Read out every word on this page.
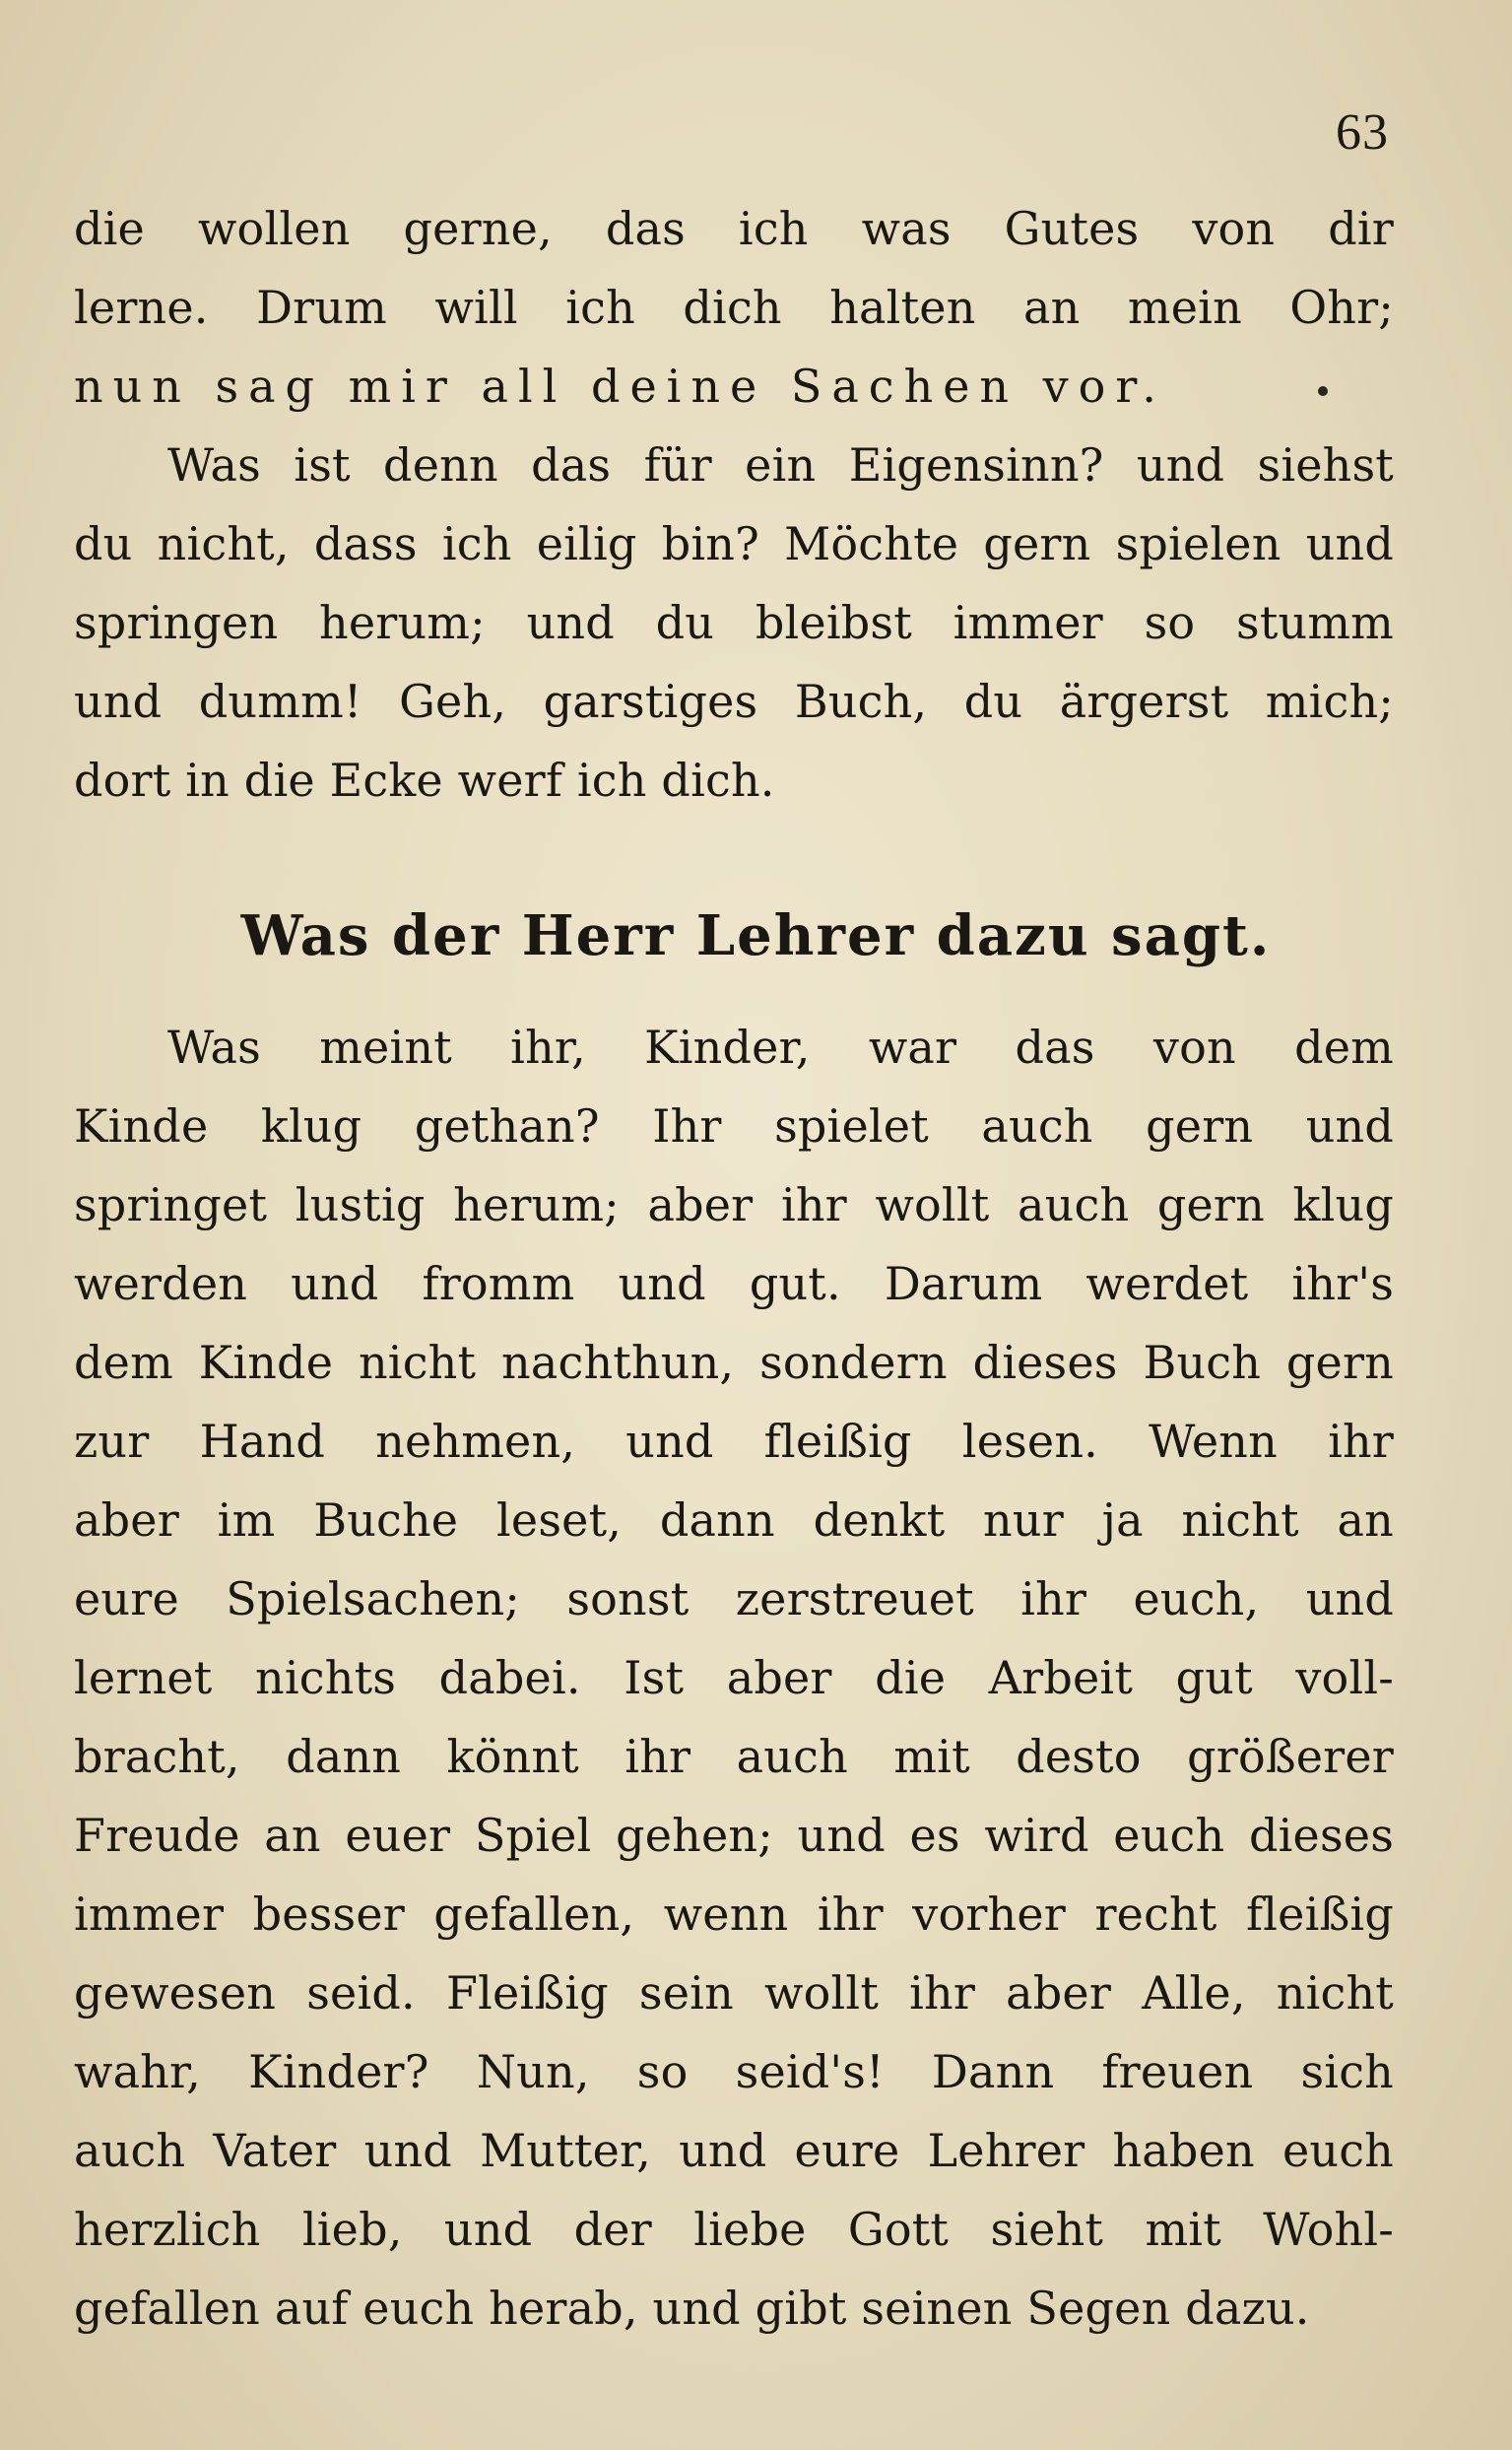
63
die wollen gerne, das ich was Gutes von dir
lerne. Drum will ich dich halten an mein Ohr;
nun sag mir all deine Sachen vor.
Was ist denn das für ein Eigensinn? und siehst
du nicht, dass ich eilig bin? Möchte gern spielen und
springen herum; und du bleibst immer so stumm
und dumm! Geh, garstiges Buch, du ärgerst mich;
dort in die Ecke werf ich dich.
Was der Herr Lehrer dazu sagt.
Was meint ihr, Kinder, war das von dem
Kinde klug gethan? Ihr spielet auch gern und
springet lustig herum; aber ihr wollt auch gern klug
werden und fromm und gut. Darum werdet ihr's
dem Kinde nicht nachthun, sondern dieses Buch gern
zur Hand nehmen, und fleißig lesen. Wenn ihr
aber im Buche leset, dann denkt nur ja nicht an
eure Spielsachen; sonst zerstreuet ihr euch, und
lernet nichts dabei. Ist aber die Arbeit gut voll-
bracht, dann könnt ihr auch mit desto größerer
Freude an euer Spiel gehen; und es wird euch dieses
immer besser gefallen, wenn ihr vorher recht fleißig
gewesen seid. Fleißig sein wollt ihr aber Alle, nicht
wahr, Kinder? Nun, so seid's! Dann freuen sich
auch Vater und Mutter, und eure Lehrer haben euch
herzlich lieb, und der liebe Gott sieht mit Wohl-
gefallen auf euch herab, und gibt seinen Segen dazu.
